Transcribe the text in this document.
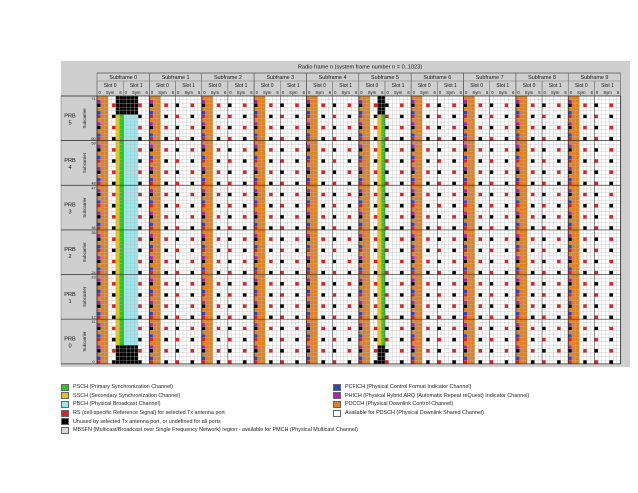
Radio frame n (system frame number n = 0..1023)
Subframe 0
Slot 0
0 Sym 6
Slot 1
0 Sym 6
Subframe 1
Slot 0
0 Sym 6
Slot 1
0 Sym 6
Subframe 2
Slot 0
0 Sym 6
Slot 1
0 Sym 6
Subframe 3
Slot 0
0 Sym 6
Slot 1
0 Sym 6
Subframe 4
Slot 0
0 Sym 6
Slot 1
0 Sym 6
Subframe 5
Slot 0
0 Sym 6
Slot 1
0 Sym 6
Subframe 6
Slot 0
0 Sym 6
Slot 1
0 Sym 6
Subframe 7
Slot 0
0 Sym 6
Slot 1
0 Sym 6
Subframe 8
Slot 0
0 Sym 6
Slot 1
0 Sym 6
Subframe 9
Slot 0
0 Sym 6
Slot 1
0 Sym 6
PRB
5 Subcarrier
71
60
PRB
4 Subcarrier
59
48
PRB
3 Subcarrier
47
36
PRB
2 Subcarrier
35
24
PRB
1 Subcarrier
23
12
PRB
0 Subcarrier
11
0
PSCH (Primary Synchronization Channel)
SSCH (Secondary Synchronization Channel)
PBCH (Physical Broadcast Channel)
RS (cell-specific Reference Signal) for selected Tx antenna port
Unused by selected Tx antenna port, or undefined for all ports
MBSFN (Multicast/Broadcast over Single Frequency Network) region - available for PMCH (Physical Multicast Channel)
PCFICH (Physical Control Format Indicator Channel)
PHICH (Physical Hybrid ARQ (Automatic Repeat reQuest) Indicator Channel)
PDCCH (Physical Downlink Control Channel)
Available for PDSCH (Physical Downlink Shared Channel)
